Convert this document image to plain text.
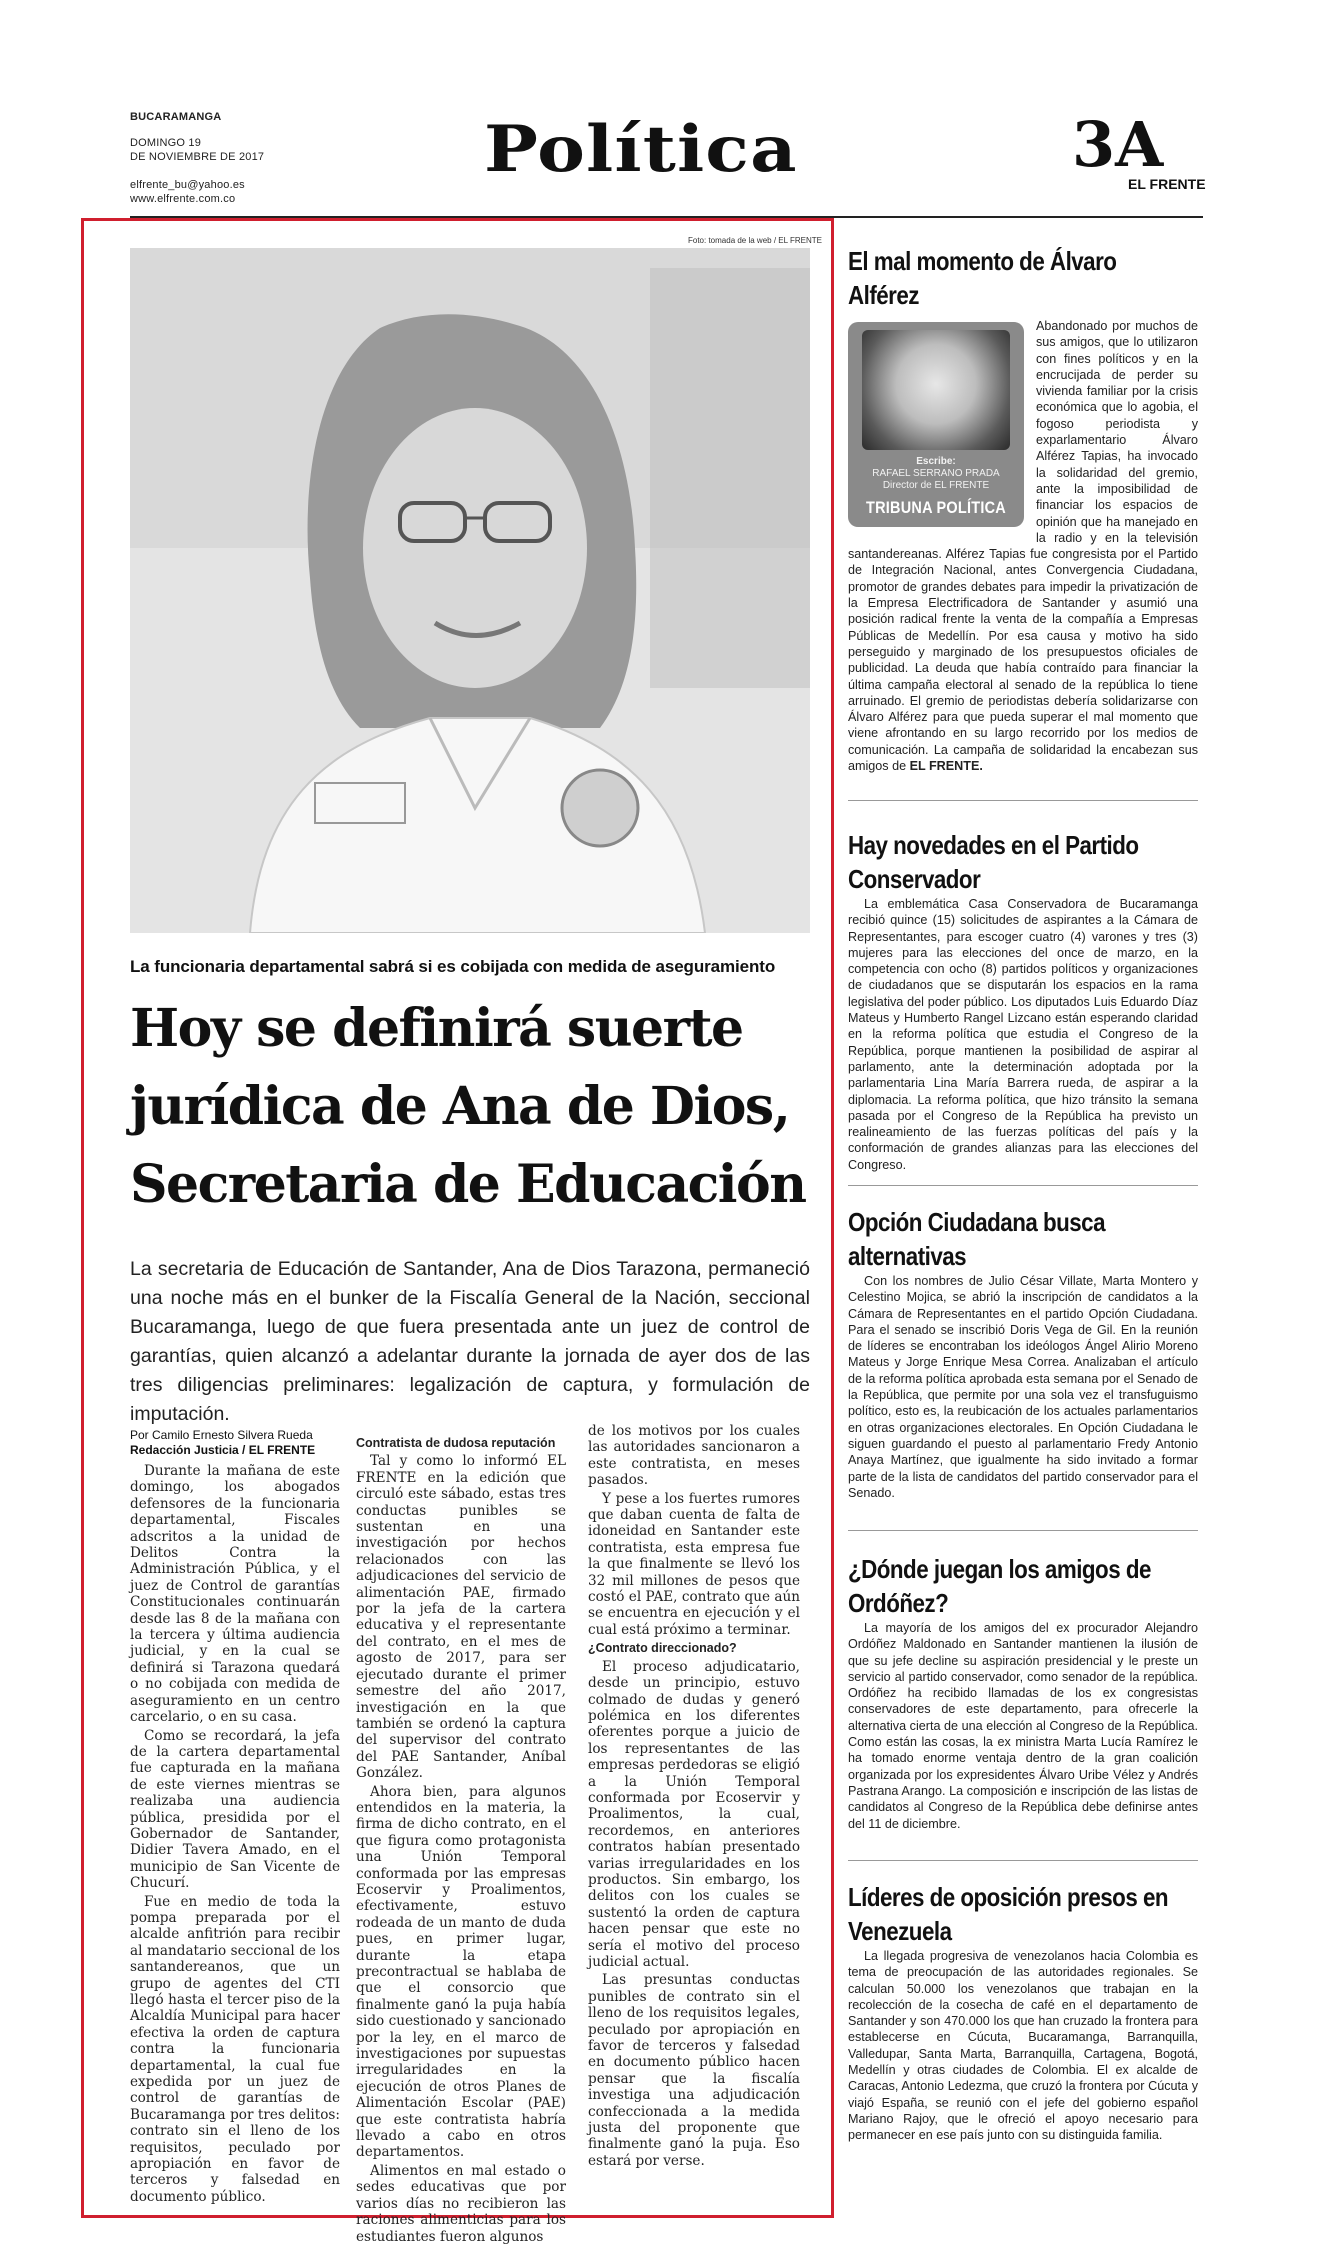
BUCARAMANGA
DOMINGO 19
DE NOVIEMBRE DE 2017
elfrente_bu@yahoo.es
www.elfrente.com.co
Política	3A
EL FRENTE
Foto: tomada de la web / EL FRENTE
La funcionaria departamental sabrá si es cobijada con medida de aseguramiento
Hoy se definirá suerte
jurídica de Ana de Dios,
Secretaria de Educación
La secretaria de Educación de Santander, Ana de Dios Tarazona, permaneció una noche más en el bunker de la Fiscalía General de la Nación, seccional Bucaramanga, luego de que fuera presentada ante un juez de control de garantías, quien alcanzó a adelantar durante la jornada de ayer dos de las tres diligencias preliminares: legalización de captura, y formulación de imputación.
Por Camilo Ernesto Silvera Rueda
Redacción Justicia / EL FRENTE

Durante la mañana de este domingo, los abogados defensores de la funcionaria departamental, Fiscales adscritos a la unidad de Delitos Contra la Administración Pública, y el juez de Control de garantías Constitucionales continuarán desde las 8 de la mañana con la tercera y última audiencia judicial, y en la cual se definirá si Tarazona quedará o no cobijada con medida de aseguramiento en un centro carcelario, o en su casa.

Como se recordará, la jefa de la cartera departamental fue capturada en la mañana de este viernes mientras se realizaba una audiencia pública, presidida por el Gobernador de Santander, Didier Tavera Amado, en el municipio de San Vicente de Chucurí.

Fue en medio de toda la pompa preparada por el alcalde anfitrión para recibir al mandatario seccional de los santandereanos, que un grupo de agentes del CTI llegó hasta el tercer piso de la Alcaldía Municipal para hacer efectiva la orden de captura contra la funcionaria departamental, la cual fue expedida por un juez de control de garantías de Bucaramanga por tres delitos: contrato sin el lleno de los requisitos, peculado por apropiación en favor de terceros y falsedad en documento público.

Contratista de dudosa reputación

Tal y como lo informó EL FRENTE en la edición que circuló este sábado, estas tres conductas punibles se sustentan en una investigación por hechos relacionados con las adjudicaciones del servicio de alimentación PAE, firmado por la jefa de la cartera educativa y el representante del contrato, en el mes de agosto de 2017, para ser ejecutado durante el primer semestre del año 2017, investigación en la que también se ordenó la captura del supervisor del contrato del PAE Santander, Aníbal González.

Ahora bien, para algunos entendidos en la materia, la firma de dicho contrato, en el que figura como protagonista una Unión Temporal conformada por las empresas Ecoservir y Proalimentos, efectivamente, estuvo rodeada de un manto de duda pues, en primer lugar, durante la etapa precontractual se hablaba de que el consorcio que finalmente ganó la puja había sido cuestionado y sancionado por la ley, en el marco de investigaciones por supuestas irregularidades en la ejecución de otros Planes de Alimentación Escolar (PAE) que este contratista habría llevado a cabo en otros departamentos.

Alimentos en mal estado o sedes educativas que por varios días no recibieron las raciones alimenticias para los estudiantes fueron algunos

de los motivos por los cuales las autoridades sancionaron a este contratista, en meses pasados.

Y pese a los fuertes rumores que daban cuenta de falta de idoneidad en Santander este contratista, esta empresa fue la que finalmente se llevó los 32 mil millones de pesos que costó el PAE, contrato que aún se encuentra en ejecución y el cual está próximo a terminar.

¿Contrato direccionado?

El proceso adjudicatario, desde un principio, estuvo colmado de dudas y generó polémica en los diferentes oferentes porque a juicio de los representantes de las empresas perdedoras se eligió a la Unión Temporal conformada por Ecoservir y Proalimentos, la cual, recordemos, en anteriores contratos habían presentado varias irregularidades en los productos. Sin embargo, los delitos con los cuales se sustentó la orden de captura hacen pensar que este no sería el motivo del proceso judicial actual.

Las presuntas conductas punibles de contrato sin el lleno de los requisitos legales, peculado por apropiación en favor de terceros y falsedad en documento público hacen pensar que la fiscalía investiga una adjudicación confeccionada a la medida justa del proponente que finalmente ganó la puja. Eso estará por verse.

El mal momento de Álvaro Alférez
Escribe:
RAFAEL SERRANO PRADA
Director de EL FRENTE
TRIBUNA POLÍTICA
Abandonado por muchos de sus amigos, que lo utilizaron con fines políticos y en la encrucijada de perder su vivienda familiar por la crisis económica que lo agobia, el fogoso periodista y exparlamentario Álvaro Alférez Tapias, ha invocado la solidaridad del gremio, ante la imposibilidad de financiar los espacios de opinión que ha manejado en la radio y en la televisión santandereanas. Alférez Tapias fue congresista por el Partido de Integración Nacional, antes Convergencia Ciudadana, promotor de grandes debates para impedir la privatización de la Empresa Electrificadora de Santander y asumió una posición radical frente la venta de la compañía a Empresas Públicas de Medellín. Por esa causa y motivo ha sido perseguido y marginado de los presupuestos oficiales de publicidad. La deuda que había contraído para financiar la última campaña electoral al senado de la república lo tiene arruinado. El gremio de periodistas debería solidarizarse con Álvaro Alférez para que pueda superar el mal momento que viene afrontando en su largo recorrido por los medios de comunicación. La campaña de solidaridad la encabezan sus amigos de EL FRENTE.
Hay novedades en el Partido Conservador

La emblemática Casa Conservadora de Bucaramanga recibió quince (15) solicitudes de aspirantes a la Cámara de Representantes, para escoger cuatro (4) varones y tres (3) mujeres para las elecciones del once de marzo, en la competencia con ocho (8) partidos políticos y organizaciones de ciudadanos que se disputarán los espacios en la rama legislativa del poder público. Los diputados Luis Eduardo Díaz Mateus y Humberto Rangel Lizcano están esperando claridad en la reforma política que estudia el Congreso de la República, porque mantienen la posibilidad de aspirar al parlamento, ante la determinación adoptada por la parlamentaria Lina María Barrera rueda, de aspirar a la diplomacia. La reforma política, que hizo tránsito la semana pasada por el Congreso de la República ha previsto un realineamiento de las fuerzas políticas del país y la conformación de grandes alianzas para las elecciones del Congreso.

Opción Ciudadana busca alternativas

Con los nombres de Julio César Villate, Marta Montero y Celestino Mojica, se abrió la inscripción de candidatos a la Cámara de Representantes en el partido Opción Ciudadana. Para el senado se inscribió Doris Vega de Gil. En la reunión de líderes se encontraban los ideólogos Ángel Alirio Moreno Mateus y Jorge Enrique Mesa Correa. Analizaban el artículo de la reforma política aprobada esta semana por el Senado de la República, que permite por una sola vez el transfuguismo político, esto es, la reubicación de los actuales parlamentarios en otras organizaciones electorales. En Opción Ciudadana le siguen guardando el puesto al parlamentario Fredy Antonio Anaya Martínez, que igualmente ha sido invitado a formar parte de la lista de candidatos del partido conservador para el Senado.

¿Dónde juegan los amigos de Ordóñez?

La mayoría de los amigos del ex procurador Alejandro Ordóñez Maldonado en Santander mantienen la ilusión de que su jefe decline su aspiración presidencial y le preste un servicio al partido conservador, como senador de la república. Ordóñez ha recibido llamadas de los ex congresistas conservadores de este departamento, para ofrecerle la alternativa cierta de una elección al Congreso de la República. Como están las cosas, la ex ministra Marta Lucía Ramírez le ha tomado enorme ventaja dentro de la gran coalición organizada por los expresidentes Álvaro Uribe Vélez y Andrés Pastrana Arango. La composición e inscripción de las listas de candidatos al Congreso de la República debe definirse antes del 11 de diciembre.

Líderes de oposición presos en Venezuela

La llegada progresiva de venezolanos hacia Colombia es tema de preocupación de las autoridades regionales. Se calculan 50.000 los venezolanos que trabajan en la recolección de la cosecha de café en el departamento de Santander y son 470.000 los que han cruzado la frontera para establecerse en Cúcuta, Bucaramanga, Barranquilla, Valledupar, Santa Marta, Barranquilla, Cartagena, Bogotá, Medellín y otras ciudades de Colombia. El ex alcalde de Caracas, Antonio Ledezma, que cruzó la frontera por Cúcuta y viajó España, se reunió con el jefe del gobierno español Mariano Rajoy, que le ofreció el apoyo necesario para permanecer en ese país junto con su distinguida familia.
